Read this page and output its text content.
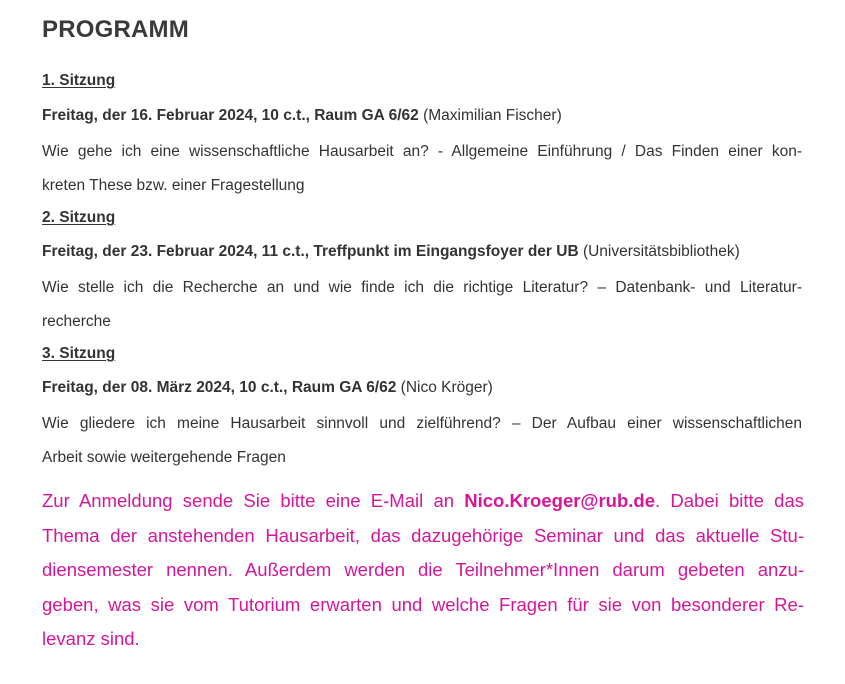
PROGRAMM

1. Sitzung

Freitag, der 16. Februar 2024, 10 c.t., Raum GA 6/62 (Maximilian Fischer)

Wie gehe ich eine wissenschaftliche Hausarbeit an? - Allgemeine Einführung / Das Finden einer kon-
kreten These bzw. einer Fragestellung

2. Sitzung

Freitag, der 23. Februar 2024, 11 c.t., Treffpunkt im Eingangsfoyer der UB (Universitätsbibliothek)

Wie stelle ich die Recherche an und wie finde ich die richtige Literatur? – Datenbank- und Literatur-
recherche

3. Sitzung

Freitag, der 08. März 2024, 10 c.t., Raum GA 6/62 (Nico Kröger)

Wie gliedere ich meine Hausarbeit sinnvoll und zielführend? – Der Aufbau einer wissenschaftlichen
Arbeit sowie weitergehende Fragen
Zur Anmeldung sende Sie bitte eine E-Mail an Nico.Kroeger@rub.de. Dabei bitte das
Thema der anstehenden Hausarbeit, das dazugehörige Seminar und das aktuelle Stu-
diensemester nennen. Außerdem werden die Teilnehmer*Innen darum gebeten anzu-
geben, was sie vom Tutorium erwarten und welche Fragen für sie von besonderer Re-
levanz sind.
